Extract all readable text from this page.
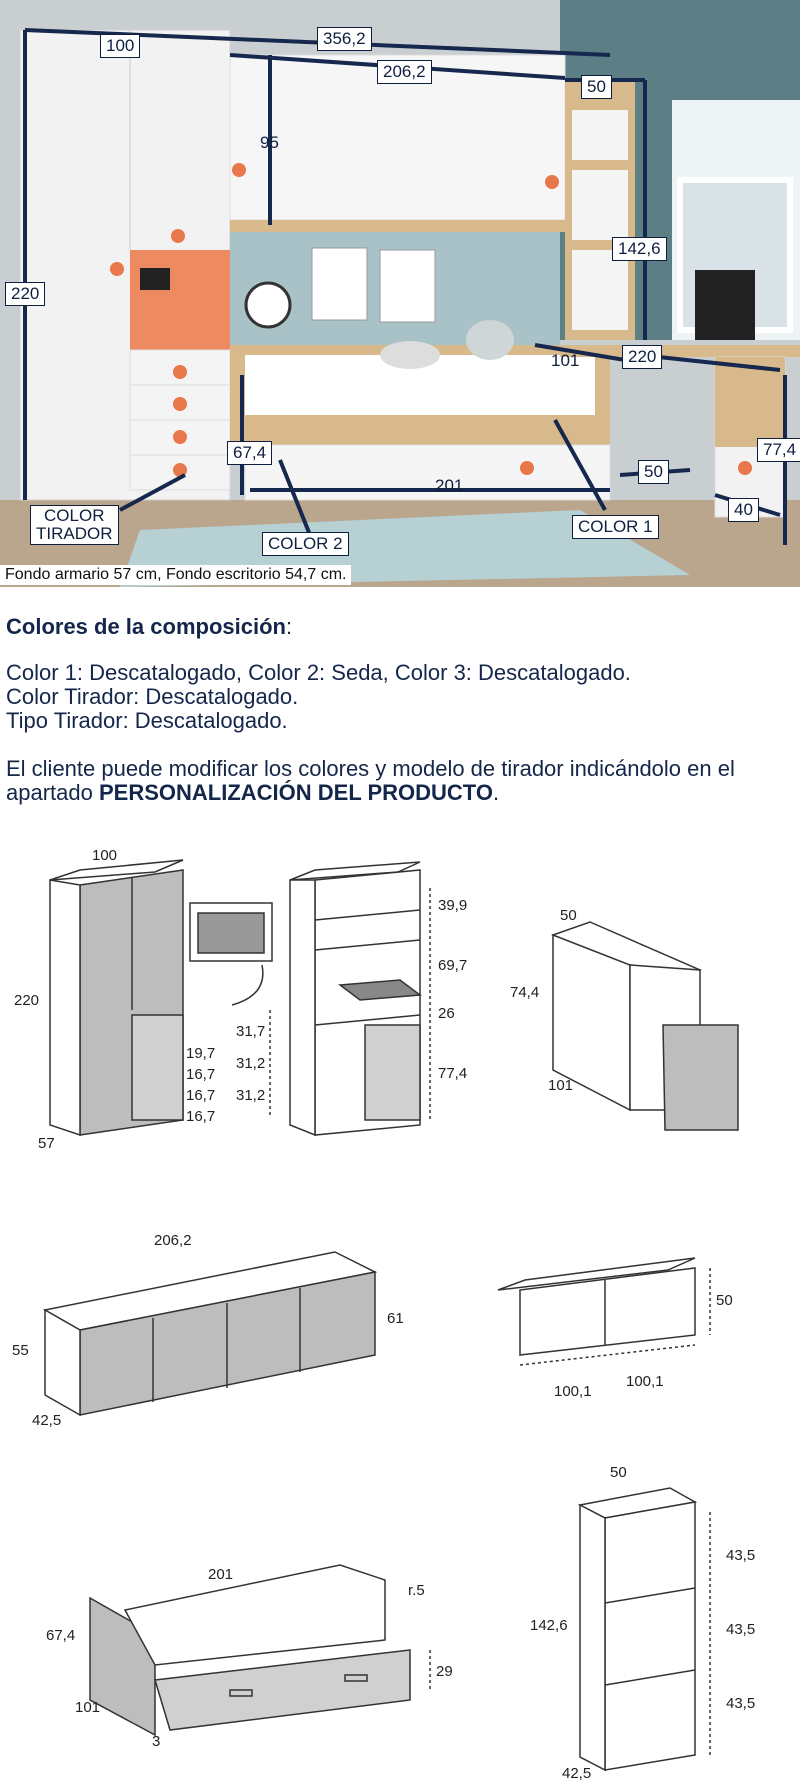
356,2
100
206,2
50
95
220
142,6
220
101
67,4
201
50
77,4
40
COLOR
TIRADOR
COLOR 2
COLOR 1
Fondo armario 57 cm, Fondo escritorio 54,7 cm.
Colores de la composición:
Color 1: Descatalogado, Color 2: Seda, Color 3: Descatalogado.
Color Tirador: Descatalogado.
Tipo Tirador: Descatalogado.
El cliente puede modificar los colores y modelo de tirador indicándolo en el
apartado PERSONALIZACIÓN DEL PRODUCTO.
100
220
57
19,7
16,7
16,7
16,7
39,9
69,7
26
77,4
31,7
31,2
31,2
50
74,4
101
206,2
55
61
42,5
50
100,1
100,1
201
67,4
101
r.5
29
3
50
142,6
42,5
43,5
43,5
43,5
